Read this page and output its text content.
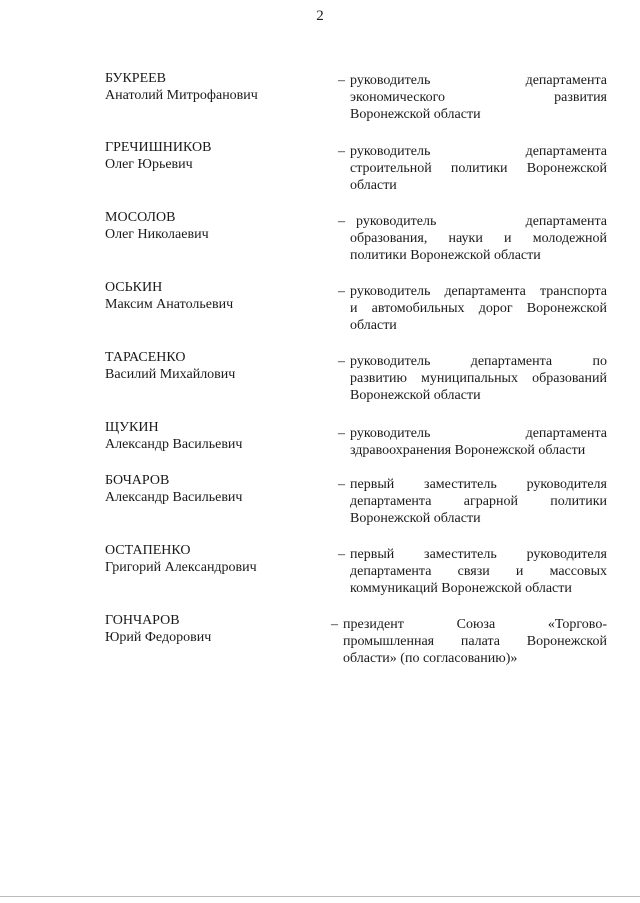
2
БУКРЕЕВ
Анатолий Митрофанович
– руководитель департамента
экономического развития
Воронежской области
ГРЕЧИШНИКОВ
Олег Юрьевич
– руководитель департамента
строительной политики Воронежской
области
МОСОЛОВ
Олег Николаевич
– руководитель департамента
образования, науки и молодежной
политики Воронежской области
ОСЬКИН
Максим Анатольевич
– руководитель департамента транспорта
и автомобильных дорог Воронежской
области
ТАРАСЕНКО
Василий Михайлович
– руководитель департамента по
развитию муниципальных образований
Воронежской области
ЩУКИН
Александр Васильевич
– руководитель департамента
здравоохранения Воронежской области
БОЧАРОВ
Александр Васильевич
– первый заместитель руководителя
департамента аграрной политики
Воронежской области
ОСТАПЕНКО
Григорий Александрович
– первый заместитель руководителя
департамента связи и массовых
коммуникаций Воронежской области
ГОНЧАРОВ
Юрий Федорович
– президент Союза «Торгово-
промышленная палата Воронежской
области» (по согласованию)»
